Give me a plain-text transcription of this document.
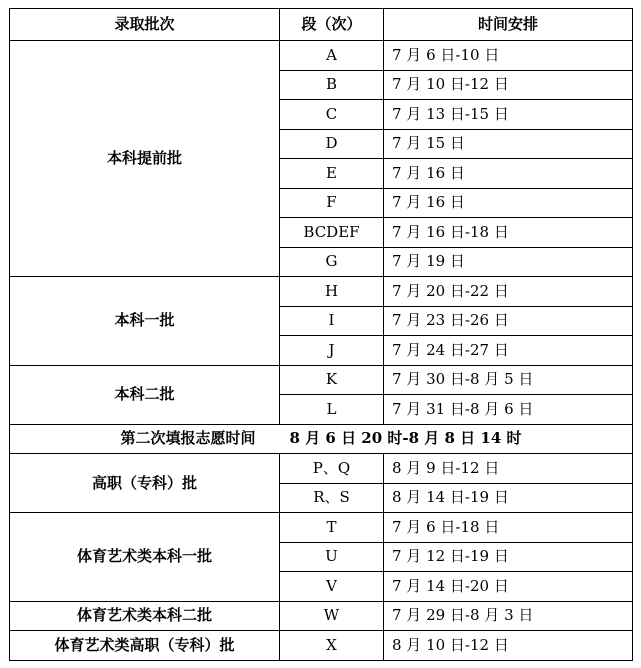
录取批次	段（次）	时间安排
本科提前批	A	7 月 6 日-10 日
	B	7 月 10 日-12 日
	C	7 月 13 日-15 日
	D	7 月 15 日
	E	7 月 16 日
	F	7 月 16 日
	BCDEF	7 月 16 日-18 日
	G	7 月 19 日
本科一批	H	7 月 20 日-22 日
	I	7 月 23 日-26 日
	J	7 月 24 日-27 日
本科二批	K	7 月 30 日-8 月 5 日
	L	7 月 31 日-8 月 6 日
第二次填报志愿时间 8 月 6 日 20 时-8 月 8 日 14 时		
高职（专科）批	P、Q	8 月 9 日-12 日
	R、S	8 月 14 日-19 日
体育艺术类本科一批	T	7 月 6 日-18 日
	U	7 月 12 日-19 日
	V	7 月 14 日-20 日
体育艺术类本科二批	W	7 月 29 日-8 月 3 日
体育艺术类高职（专科）批	X	8 月 10 日-12 日
